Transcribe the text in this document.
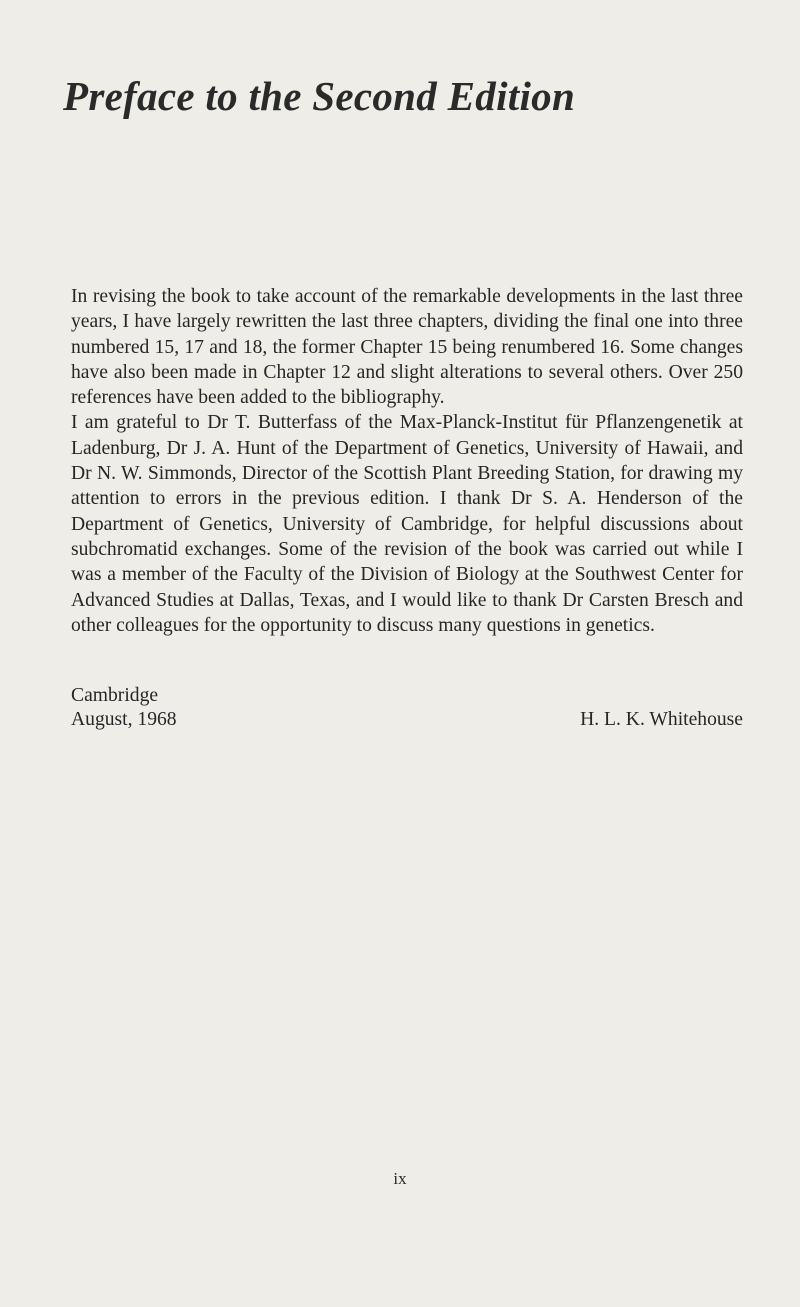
Preface to the Second Edition

In revising the book to take account of the remarkable developments in the last three years, I have largely rewritten the last three chapters, dividing the final one into three numbered 15, 17 and 18, the former Chapter 15 being renumbered 16. Some changes have also been made in Chapter 12 and slight alterations to several others. Over 250 references have been added to the bibliography.

I am grateful to Dr T. Butterfass of the Max-Planck-Institut für Pflanzengenetik at Ladenburg, Dr J. A. Hunt of the Department of Genetics, University of Hawaii, and Dr N. W. Simmonds, Director of the Scottish Plant Breeding Station, for drawing my attention to errors in the previous edition. I thank Dr S. A. Henderson of the Department of Genetics, University of Cambridge, for helpful discussions about subchromatid exchanges. Some of the revision of the book was carried out while I was a member of the Faculty of the Division of Biology at the Southwest Center for Advanced Studies at Dallas, Texas, and I would like to thank Dr Carsten Bresch and other colleagues for the opportunity to discuss many questions in genetics.

Cambridge
August, 1968	H. L. K. Whitehouse
ix
